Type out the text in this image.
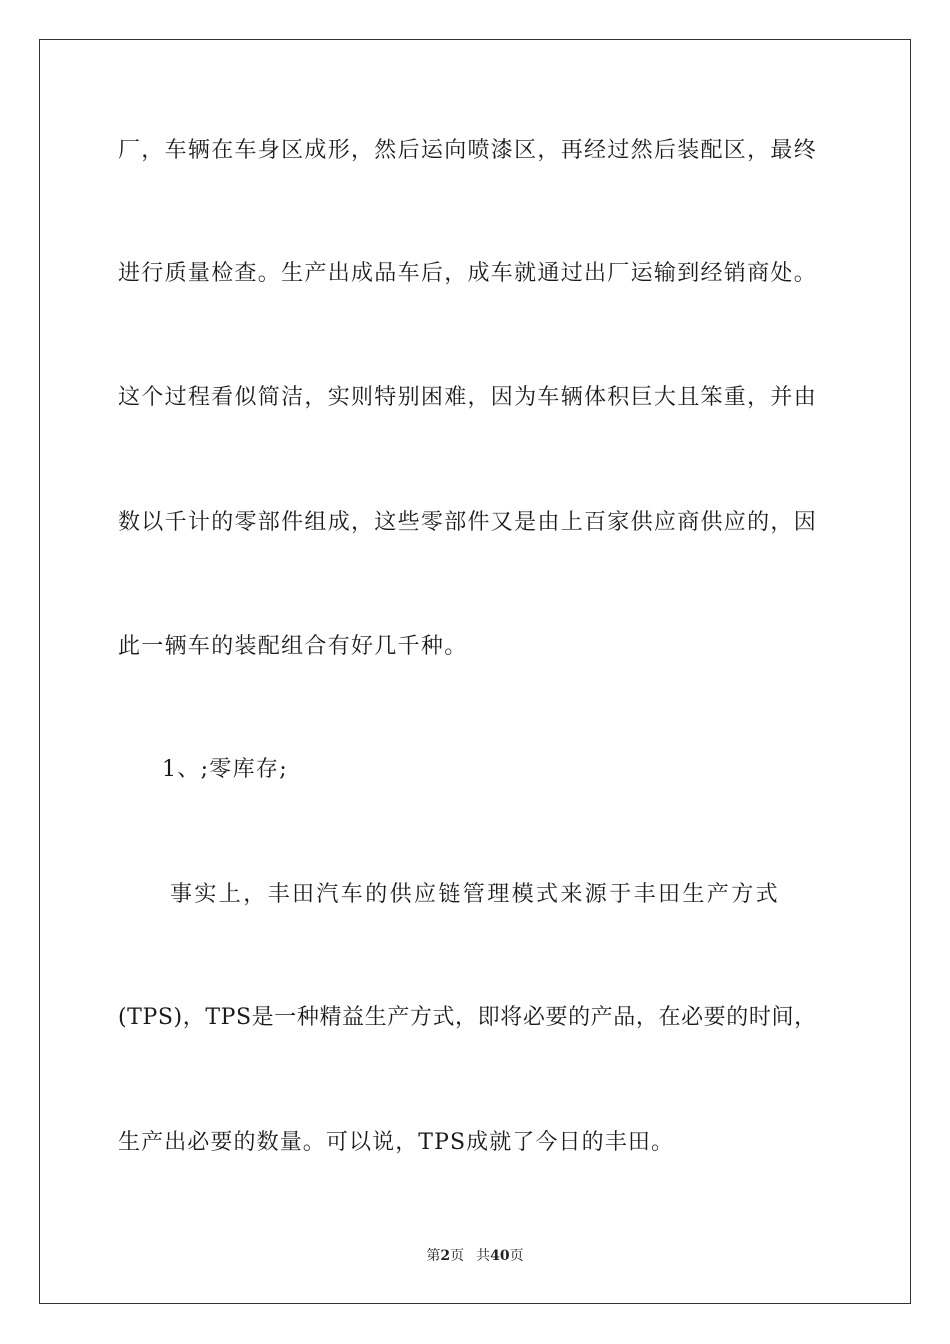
厂，车辆在车身区成形，然后运向喷漆区，再经过然后装配区，最终
进行质量检查。生产出成品车后，成车就通过出厂运输到经销商处。
这个过程看似简洁，实则特别困难，因为车辆体积巨大且笨重，并由
数以千计的零部件组成，这些零部件又是由上百家供应商供应的，因
此一辆车的装配组合有好几千种。
1、;零库存;
事实上，丰田汽车的供应链管理模式来源于丰田生产方式
(TPS)，TPS是一种精益生产方式，即将必要的产品，在必要的时间，
生产出必要的数量。可以说，TPS成就了今日的丰田。
第2页 共40页
